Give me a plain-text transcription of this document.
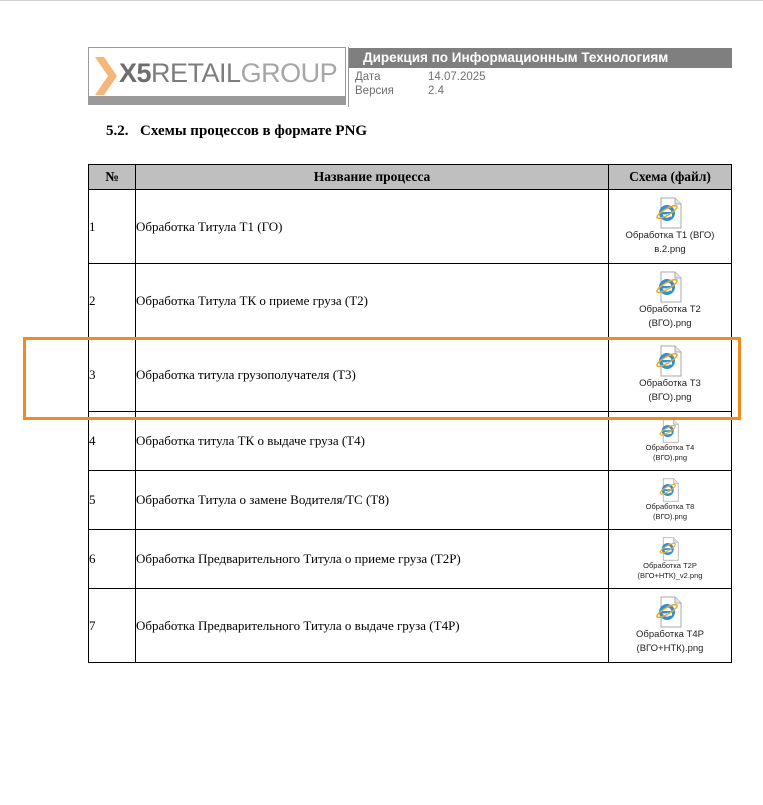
X5RETAILGROUP
Дирекция по Информационным Технологиям
Дата	14.07.2025
Версия	2.4
5.2. Схемы процессов в формате PNG
№	Название процесса	Схема (файл)
1	Обработка Титула Т1 (ГО)	Обработка Т1 (ВГО)
в.2.png

2	Обработка Титула ТК о приеме груза (Т2)	Обработка Т2
(ВГО).png

3	Обработка титула грузополучателя (Т3)	Обработка Т3
(ВГО).png

4	Обработка титула ТК о выдаче груза (Т4)	Обработка Т4
(ВГО).png

5	Обработка Титула о замене Водителя/ТС (Т8)	Обработка Т8
(ВГО).png

6	Обработка Предварительного Титула о приеме груза (Т2Р)	Обработка Т2Р
(ВГО+НТК)_v2.png

7	Обработка Предварительного Титула о выдаче груза (Т4Р)	Обработка Т4Р
(ВГО+НТК).png
